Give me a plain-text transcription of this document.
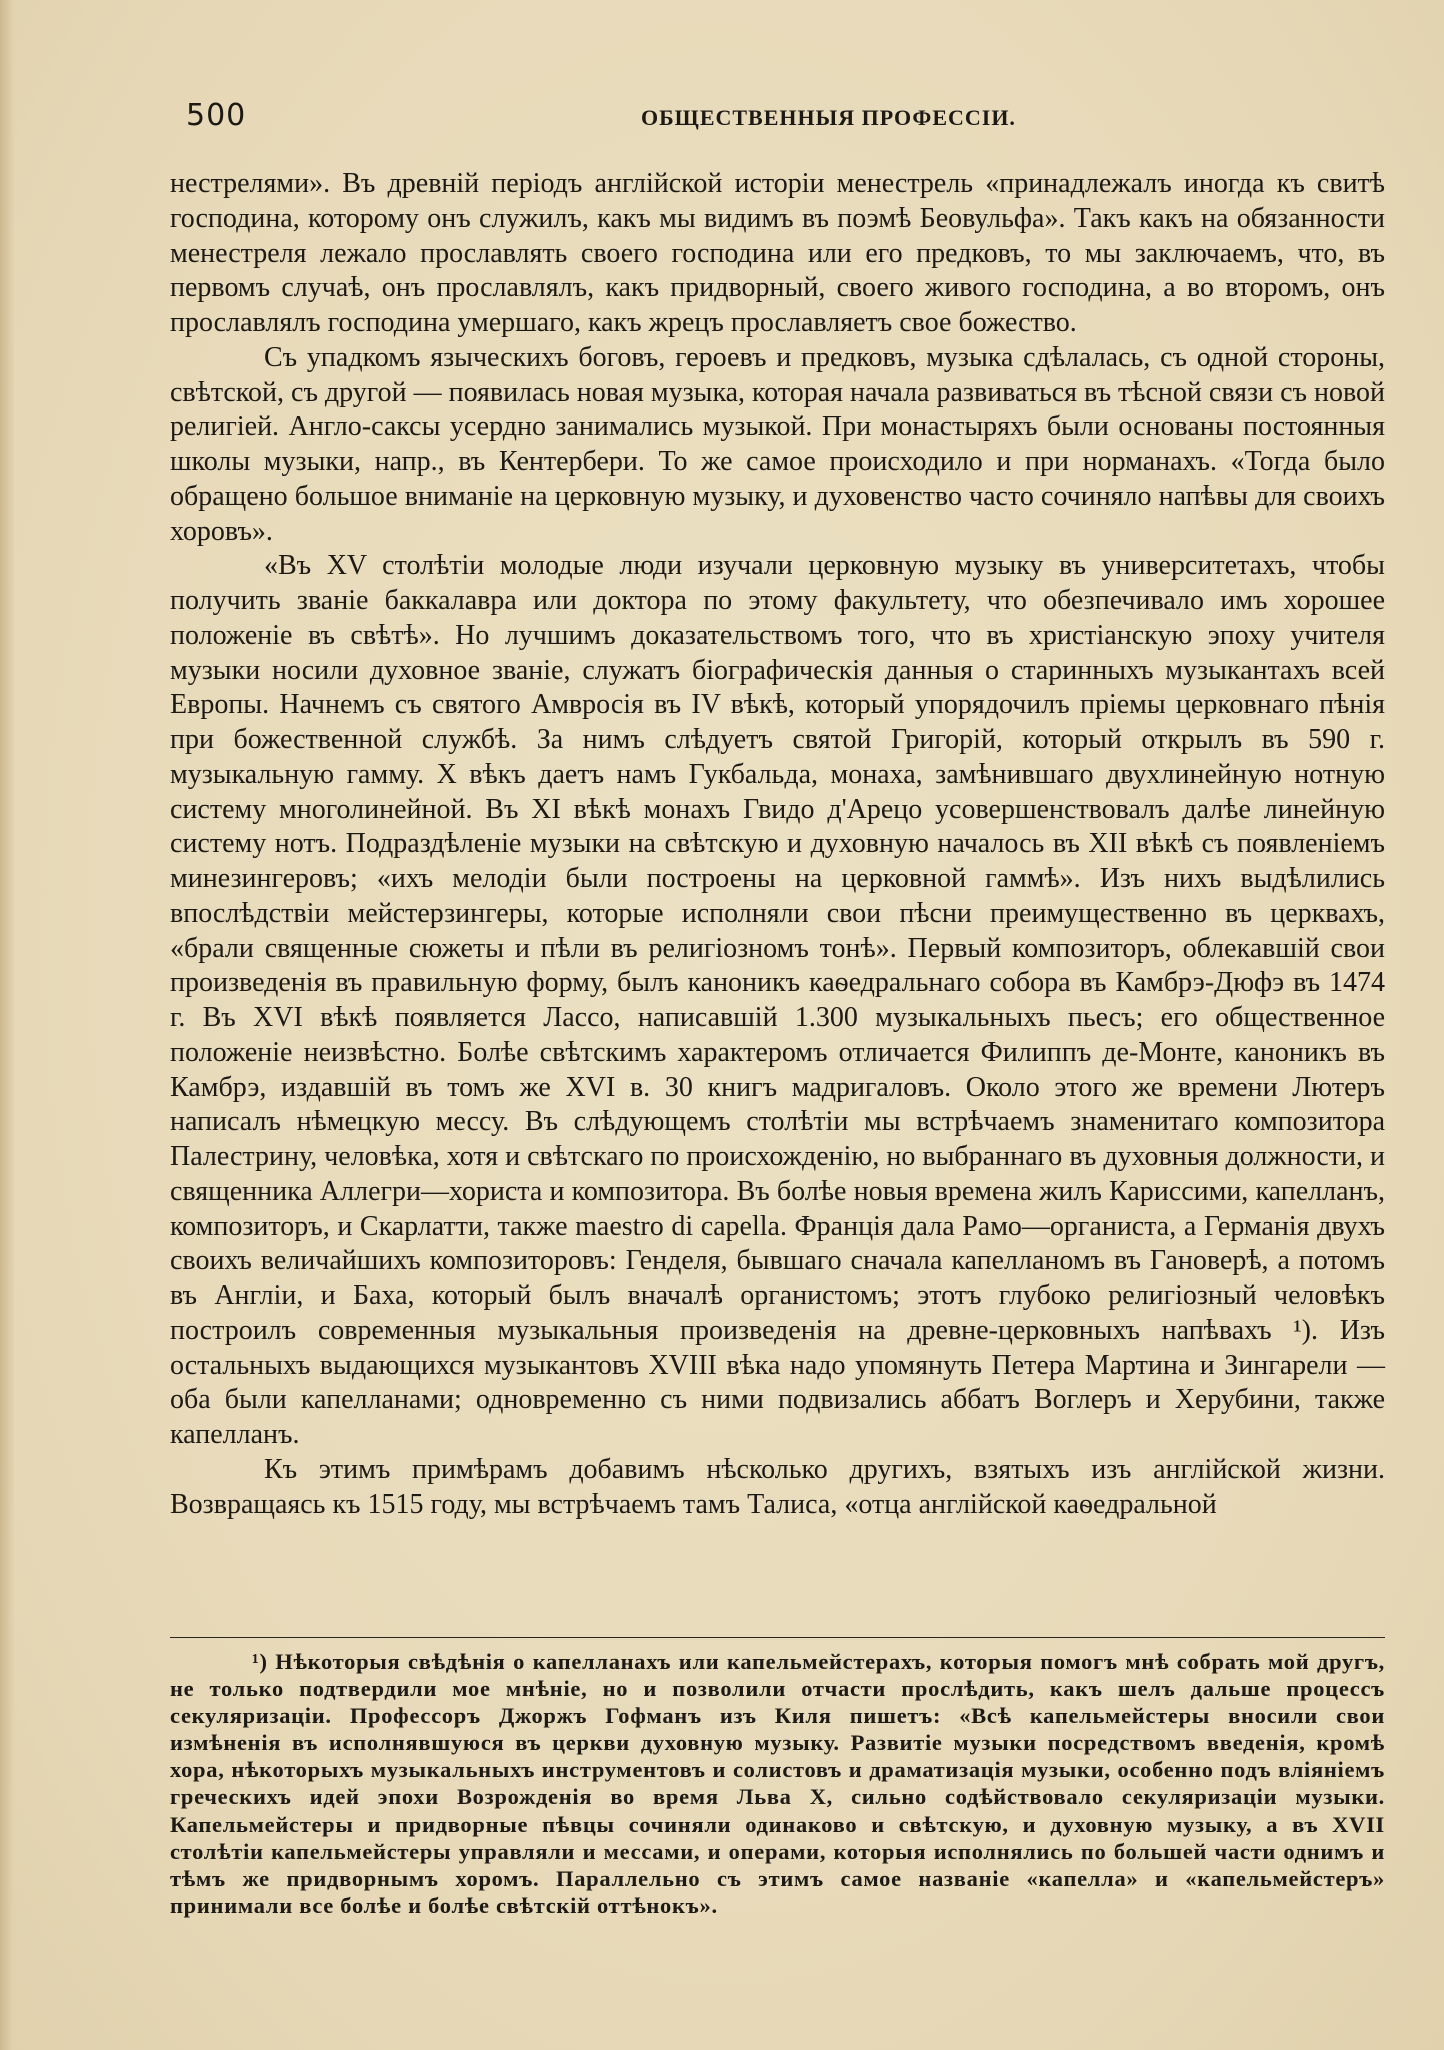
500	ОБЩЕСТВЕННЫЯ ПРОФЕССІИ.

нестрелями». Въ древній періодъ англійской исторіи менестрель «принадлежалъ иногда къ свитѣ господина, которому онъ служилъ, какъ мы видимъ въ поэмѣ Беовульфа». Такъ какъ на обязанности менестреля лежало прославлять своего господина или его предковъ, то мы заключаемъ, что, въ первомъ случаѣ, онъ прославлялъ, какъ придворный, своего живого господина, а во второмъ, онъ прославлялъ господина умершаго, какъ жрецъ прославляетъ свое божество.

Съ упадкомъ языческихъ боговъ, героевъ и предковъ, музыка сдѣлалась, съ одной стороны, свѣтской, съ другой — появилась новая музыка, которая начала развиваться въ тѣсной связи съ новой религіей. Англо-саксы усердно занимались музыкой. При монастыряхъ были основаны постоянныя школы музыки, напр., въ Кентербери. То же самое происходило и при норманахъ. «Тогда было обращено большое вниманіе на церковную музыку, и духовенство часто сочиняло напѣвы для своихъ хоровъ».

«Въ XV столѣтіи молодые люди изучали церковную музыку въ университетахъ, чтобы получить званіе баккалавра или доктора по этому факультету, что обезпечивало имъ хорошее положеніе въ свѣтѣ». Но лучшимъ доказательствомъ того, что въ христіанскую эпоху учителя музыки носили духовное званіе, служатъ біографическія данныя о старинныхъ музыкантахъ всей Европы. Начнемъ съ святого Амвросія въ IV вѣкѣ, который упорядочилъ пріемы церковнаго пѣнія при божественной службѣ. За нимъ слѣдуетъ святой Григорій, который открылъ въ 590 г. музыкальную гамму. X вѣкъ даетъ намъ Гукбальда, монаха, замѣнившаго двухлинейную нотную систему многолинейной. Въ XI вѣкѣ монахъ Гвидо д'Арецо усовершенствовалъ далѣе линейную систему нотъ. Подраздѣленіе музыки на свѣтскую и духовную началось въ XII вѣкѣ съ появленіемъ минезингеровъ; «ихъ мелодіи были построены на церковной гаммѣ». Изъ нихъ выдѣлились впослѣдствіи мейстерзингеры, которые исполняли свои пѣсни преимущественно въ церквахъ, «брали священные сюжеты и пѣли въ религіозномъ тонѣ». Первый композиторъ, облекавшій свои произведенія въ правильную форму, былъ каноникъ каѳедральнаго собора въ Камбрэ-Дюфэ въ 1474 г. Въ XVI вѣкѣ появляется Лассо, написавшій 1.300 музыкальныхъ пьесъ; его общественное положеніе неизвѣстно. Болѣе свѣтскимъ характеромъ отличается Филиппъ де-Монте, каноникъ въ Камбрэ, издавшій въ томъ же XVI в. 30 книгъ мадригаловъ. Около этого же времени Лютеръ написалъ нѣмецкую мессу. Въ слѣдующемъ столѣтіи мы встрѣчаемъ знаменитаго композитора Палестрину, человѣка, хотя и свѣтскаго по происхожденію, но выбраннаго въ духовныя должности, и священника Аллегри—хориста и композитора. Въ болѣе новыя времена жилъ Кариссими, капелланъ, композиторъ, и Скарлатти, также maestro di capella. Франція дала Рамо—органиста, а Германія двухъ своихъ величайшихъ композиторовъ: Генделя, бывшаго сначала капелланомъ въ Гановерѣ, а потомъ въ Англіи, и Баха, который былъ вначалѣ органистомъ; этотъ глубоко религіозный человѣкъ построилъ современныя музыкальныя произведенія на древне-церковныхъ напѣвахъ ¹). Изъ остальныхъ выдающихся музыкантовъ XVIII вѣка надо упомянуть Петера Мартина и Зингарели — оба были капелланами; одновременно съ ними подвизались аббатъ Воглеръ и Херубини, также капелланъ.

Къ этимъ примѣрамъ добавимъ нѣсколько другихъ, взятыхъ изъ англійской жизни. Возвращаясь къ 1515 году, мы встрѣчаемъ тамъ Талиса, «отца англійской каѳедральной

¹) Нѣкоторыя свѣдѣнія о капелланахъ или капельмейстерахъ, которыя помогъ мнѣ собрать мой другъ, не только подтвердили мое мнѣніе, но и позволили отчасти прослѣдить, какъ шелъ дальше процессъ секуляризаціи. Профессоръ Джоржъ Гофманъ изъ Киля пишетъ: «Всѣ капельмейстеры вносили свои измѣненія въ исполнявшуюся въ церкви духовную музыку. Развитіе музыки посредствомъ введенія, кромѣ хора, нѣкоторыхъ музыкальныхъ инструментовъ и солистовъ и драматизація музыки, особенно подъ вліяніемъ греческихъ идей эпохи Возрожденія во время Льва X, сильно содѣйствовало секуляризаціи музыки. Капельмейстеры и придворные пѣвцы сочиняли одинаково и свѣтскую, и духовную музыку, а въ XVII столѣтіи капельмейстеры управляли и мессами, и операми, которыя исполнялись по большей части однимъ и тѣмъ же придворнымъ хоромъ. Параллельно съ этимъ самое названіе «капелла» и «капельмейстеръ» принимали все болѣе и болѣе свѣтскій оттѣнокъ».
